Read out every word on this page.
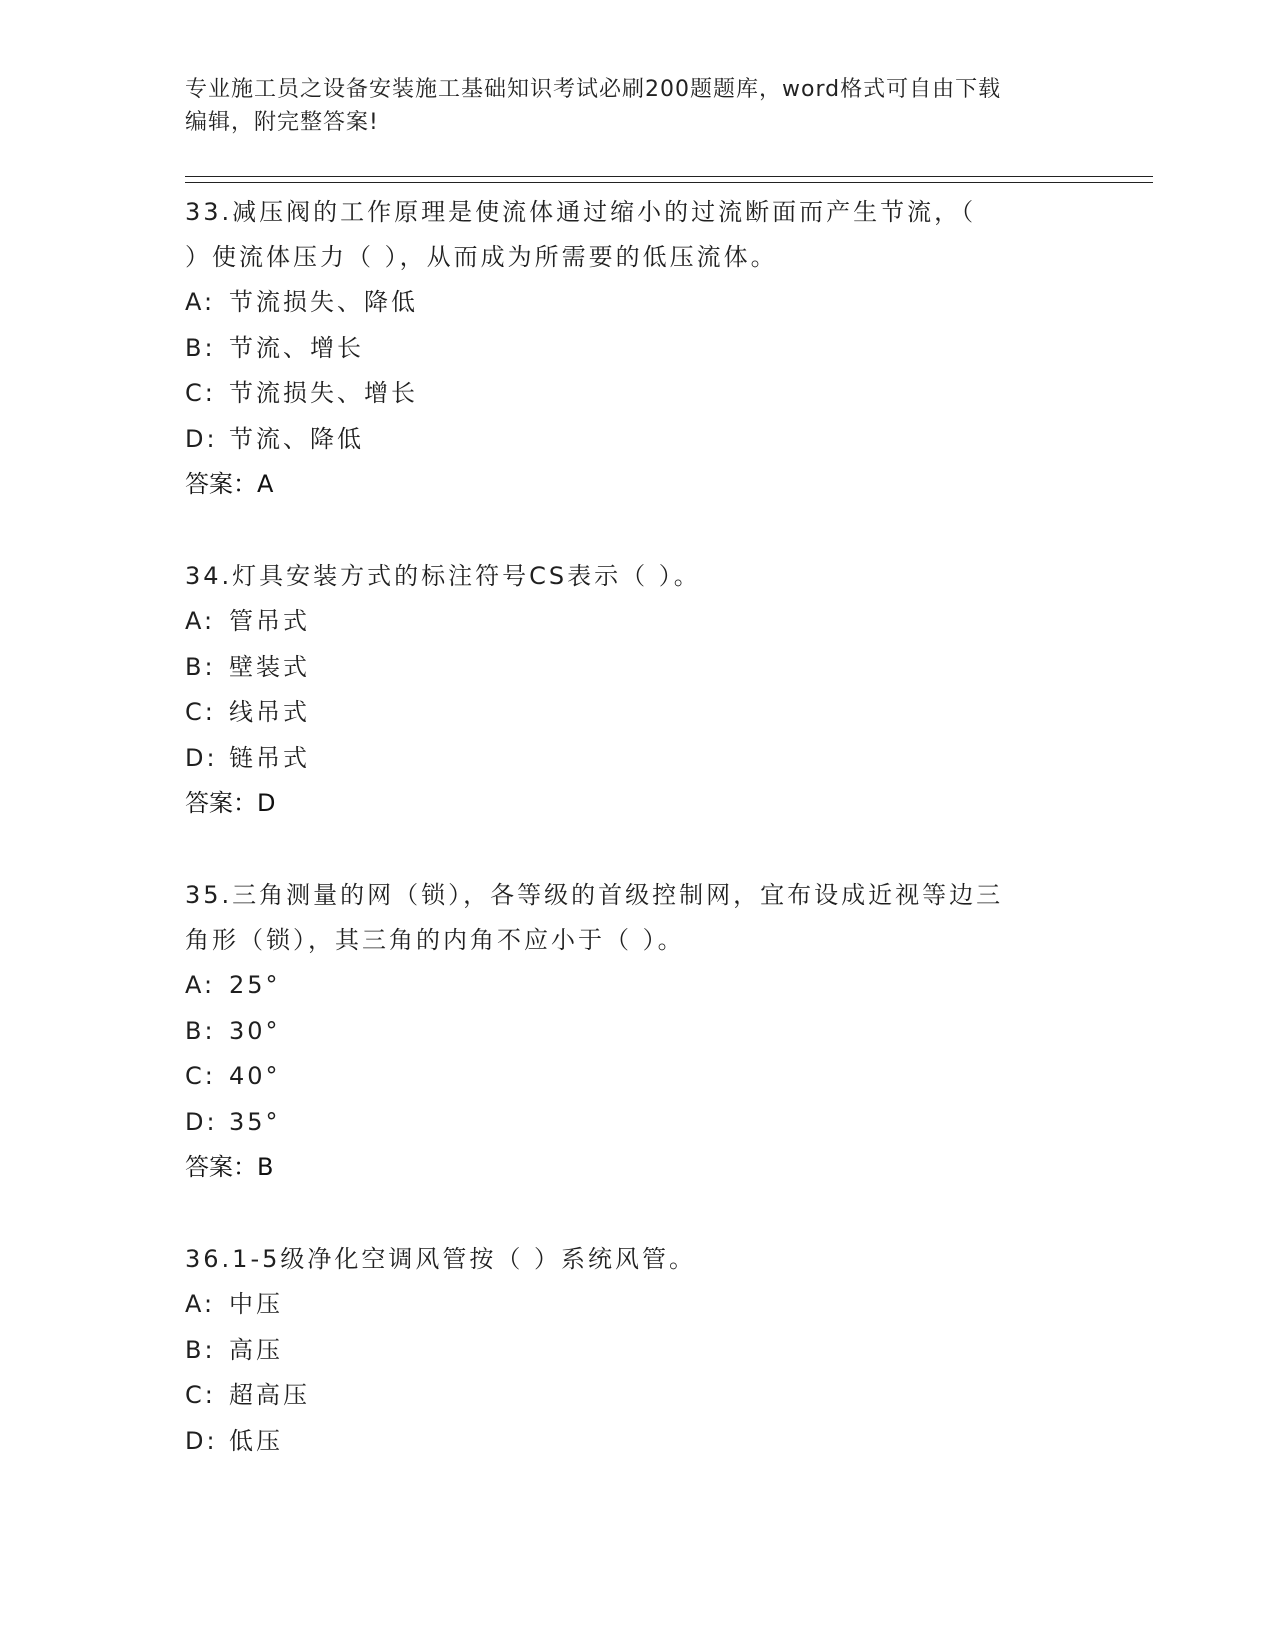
专业施工员之设备安装施工基础知识考试必刷200题题库，word格式可自由下载
编辑，附完整答案!
33.减压阀的工作原理是使流体通过缩小的过流断面而产生节流，（
）使流体压力（ ），从而成为所需要的低压流体。
A: 节流损失、降低
B: 节流、增长
C: 节流损失、增长
D: 节流、降低
答案：A
34.灯具安装方式的标注符号CS表示（ ）。
A: 管吊式
B: 壁装式
C: 线吊式
D: 链吊式
答案：D
35.三角测量的网（锁），各等级的首级控制网，宜布设成近视等边三
角形（锁），其三角的内角不应小于（ ）。
A: 25°
B: 30°
C: 40°
D: 35°
答案：B
36.1-5级净化空调风管按（ ）系统风管。
A: 中压
B: 高压
C: 超高压
D: 低压
